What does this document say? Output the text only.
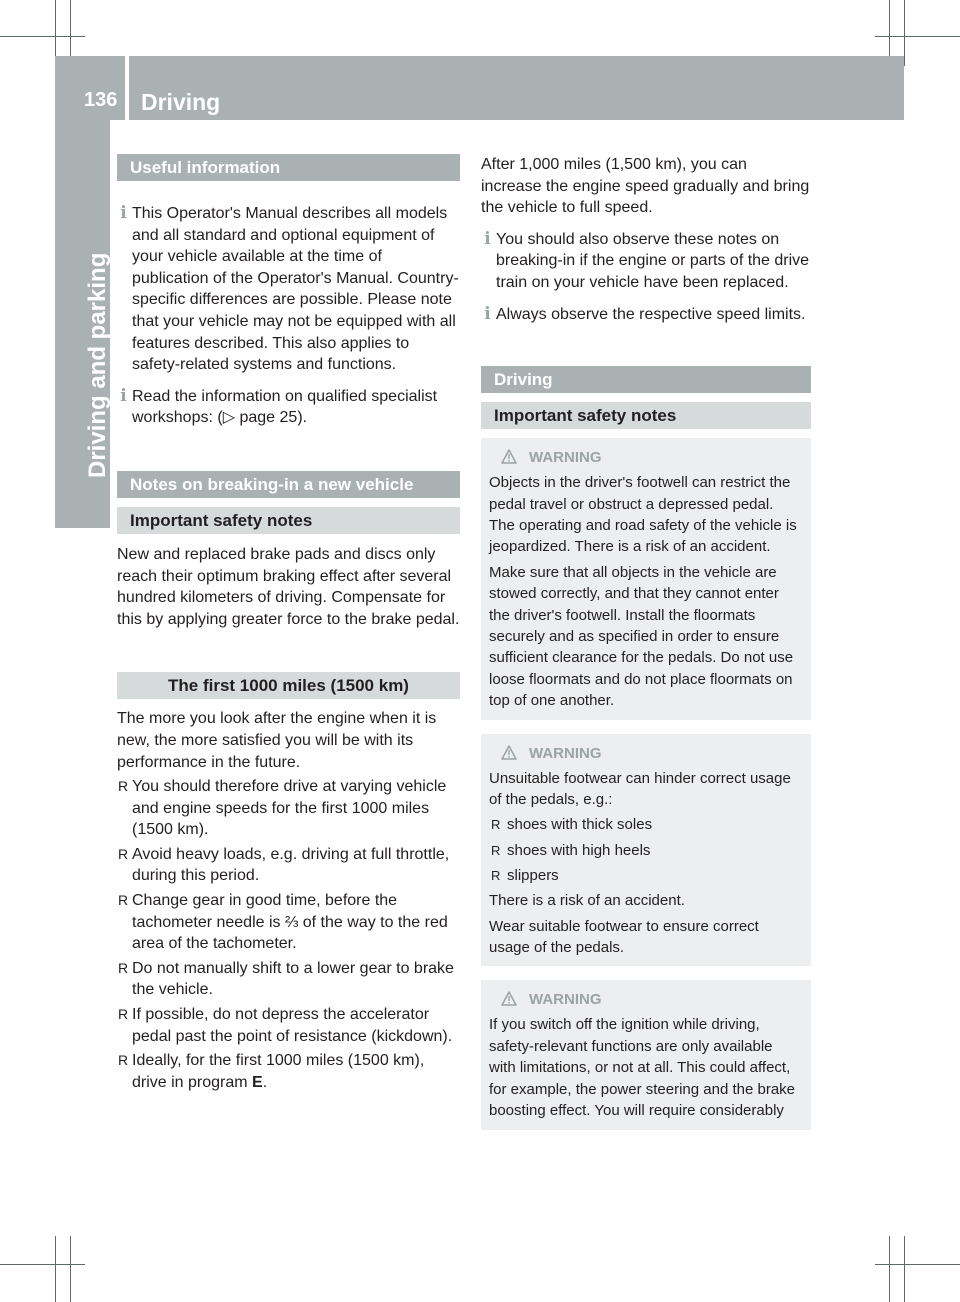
136 Driving
Driving and parking
Useful information
i This Operator's Manual describes all models and all standard and optional equipment of your vehicle available at the time of publication of the Operator's Manual. Country-specific differences are possible. Please note that your vehicle may not be equipped with all features described. This also applies to safety-related systems and functions.

i Read the information on qualified specialist workshops: (▷ page 25).

Notes on breaking-in a new vehicle
Important safety notes

New and replaced brake pads and discs only reach their optimum braking effect after several hundred kilometers of driving. Compensate for this by applying greater force to the brake pedal.

The first 1000 miles (1500 km)

The more you look after the engine when it is new, the more satisfied you will be with its performance in the future.

R You should therefore drive at varying vehicle and engine speeds for the first 1000 miles (1500 km).
R Avoid heavy loads, e.g. driving at full throttle, during this period.
R Change gear in good time, before the tachometer needle is ⅔ of the way to the red area of the tachometer.
R Do not manually shift to a lower gear to brake the vehicle.
R If possible, do not depress the accelerator pedal past the point of resistance (kickdown).
R Ideally, for the first 1000 miles (1500 km), drive in program E.

After 1,000 miles (1,500 km), you can increase the engine speed gradually and bring the vehicle to full speed.

i You should also observe these notes on breaking-in if the engine or parts of the drive train on your vehicle have been replaced.

i Always observe the respective speed limits.

Driving
Important safety notes
WARNING

Objects in the driver's footwell can restrict the pedal travel or obstruct a depressed pedal. The operating and road safety of the vehicle is jeopardized. There is a risk of an accident.

Make sure that all objects in the vehicle are stowed correctly, and that they cannot enter the driver's footwell. Install the floormats securely and as specified in order to ensure sufficient clearance for the pedals. Do not use loose floormats and do not place floormats on top of one another.

WARNING

Unsuitable footwear can hinder correct usage of the pedals, e.g.:

R shoes with thick soles
R shoes with high heels
R slippers

There is a risk of an accident.

Wear suitable footwear to ensure correct usage of the pedals.

WARNING

If you switch off the ignition while driving, safety-relevant functions are only available with limitations, or not at all. This could affect, for example, the power steering and the brake boosting effect. You will require considerably
